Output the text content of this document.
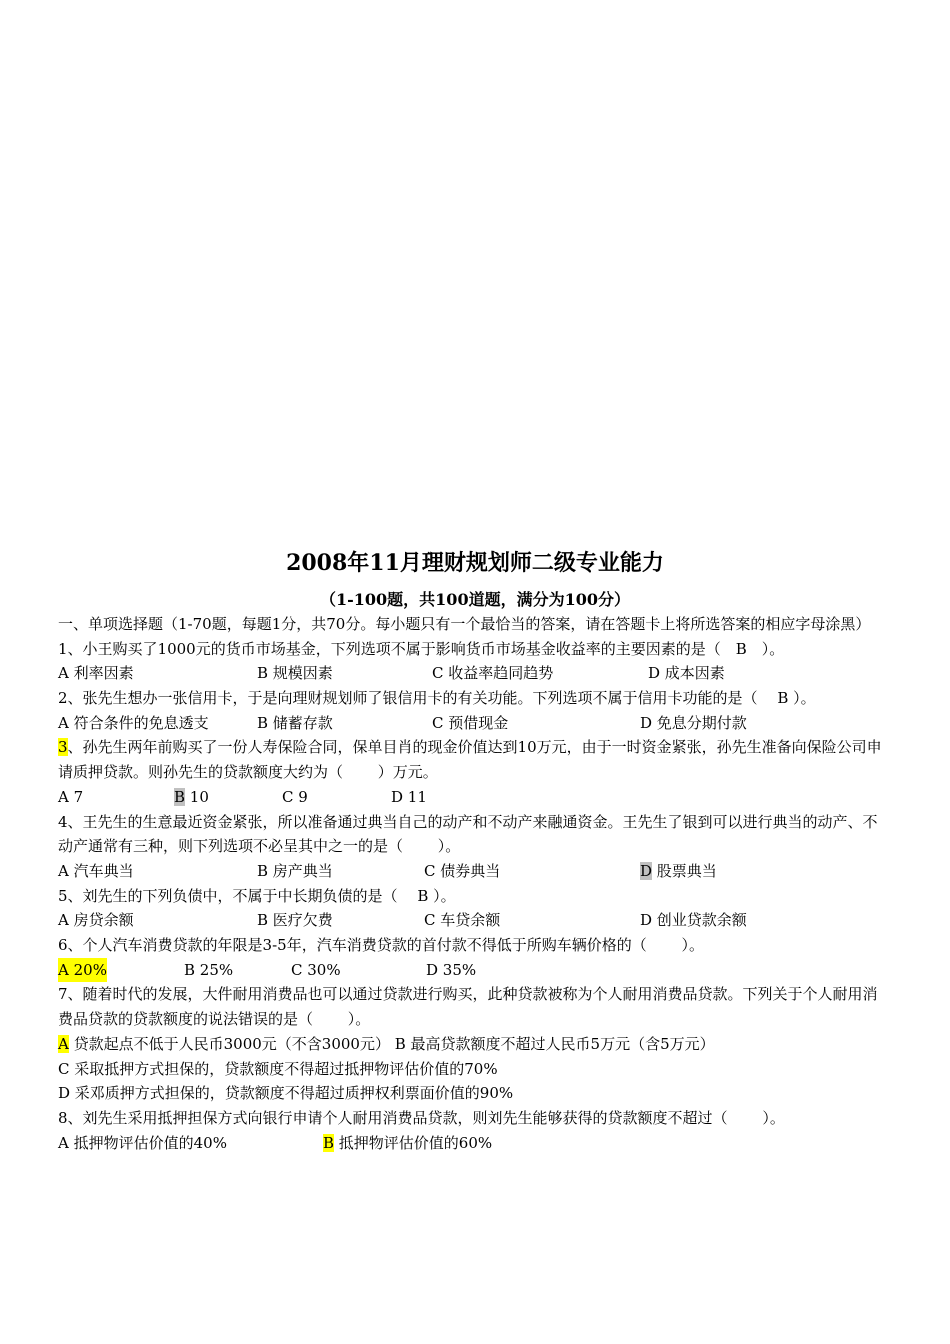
2008年11月理财规划师二级专业能力
（1-100题，共100道题，满分为100分）

一、单项选择题（1-70题，每题1分，共70分。每小题只有一个最恰当的答案，请在答题卡上将所选答案的相应字母涂黑）

1、小王购买了1000元的货币市场基金，下列选项不属于影响货币市场基金收益率的主要因素的是（　B　）。

A 利率因素	B 规模因素	C 收益率趋同趋势	D 成本因素

2、张先生想办一张信用卡，于是向理财规划师了银信用卡的有关功能。下列选项不属于信用卡功能的是（　 B ）。

A 符合条件的免息透支	B 储蓄存款	C 预借现金	D 免息分期付款

3、孙先生两年前购买了一份人寿保险合同，保单目肖的现金价值达到10万元，由于一时资金紧张，孙先生准备向保险公司申请质押贷款。则孙先生的贷款额度大约为（　　 ）万元。

A 7	B 10	C 9	D 11

4、王先生的生意最近资金紧张，所以准备通过典当自己的动产和不动产来融通资金。王先生了银到可以进行典当的动产、不动产通常有三种，则下列选项不必呈其中之一的是（　　 ）。

A 汽车典当	B 房产典当	C 债券典当	D 股票典当

5、刘先生的下列负债中，不属于中长期负债的是（　 B ）。

A 房贷余额	B 医疗欠费	C 车贷余额	D 创业贷款余额

6、个人汽车消费贷款的年限是3-5年，汽车消费贷款的首付款不得低于所购车辆价格的（　　 ）。

A 20%	B 25%	C 30%	D 35%

7、随着时代的发展，大件耐用消费品也可以通过贷款进行购买，此种贷款被称为个人耐用消费品贷款。下列关于个人耐用消费品贷款的贷款额度的说法错误的是（　　 ）。

A 贷款起点不低于人民币3000元（不含3000元） B 最高贷款额度不超过人民币5万元（含5万元）

C 采取抵押方式担保的，贷款额度不得超过抵押物评估价值的70%

D 采邓质押方式担保的，贷款额度不得超过质押权利票面价值的90%

8、刘先生采用抵押担保方式向银行申请个人耐用消费品贷款，则刘先生能够获得的贷款额度不超过（　　 ）。

A 抵押物评估价值的40%	B 抵押物评估价值的60%
